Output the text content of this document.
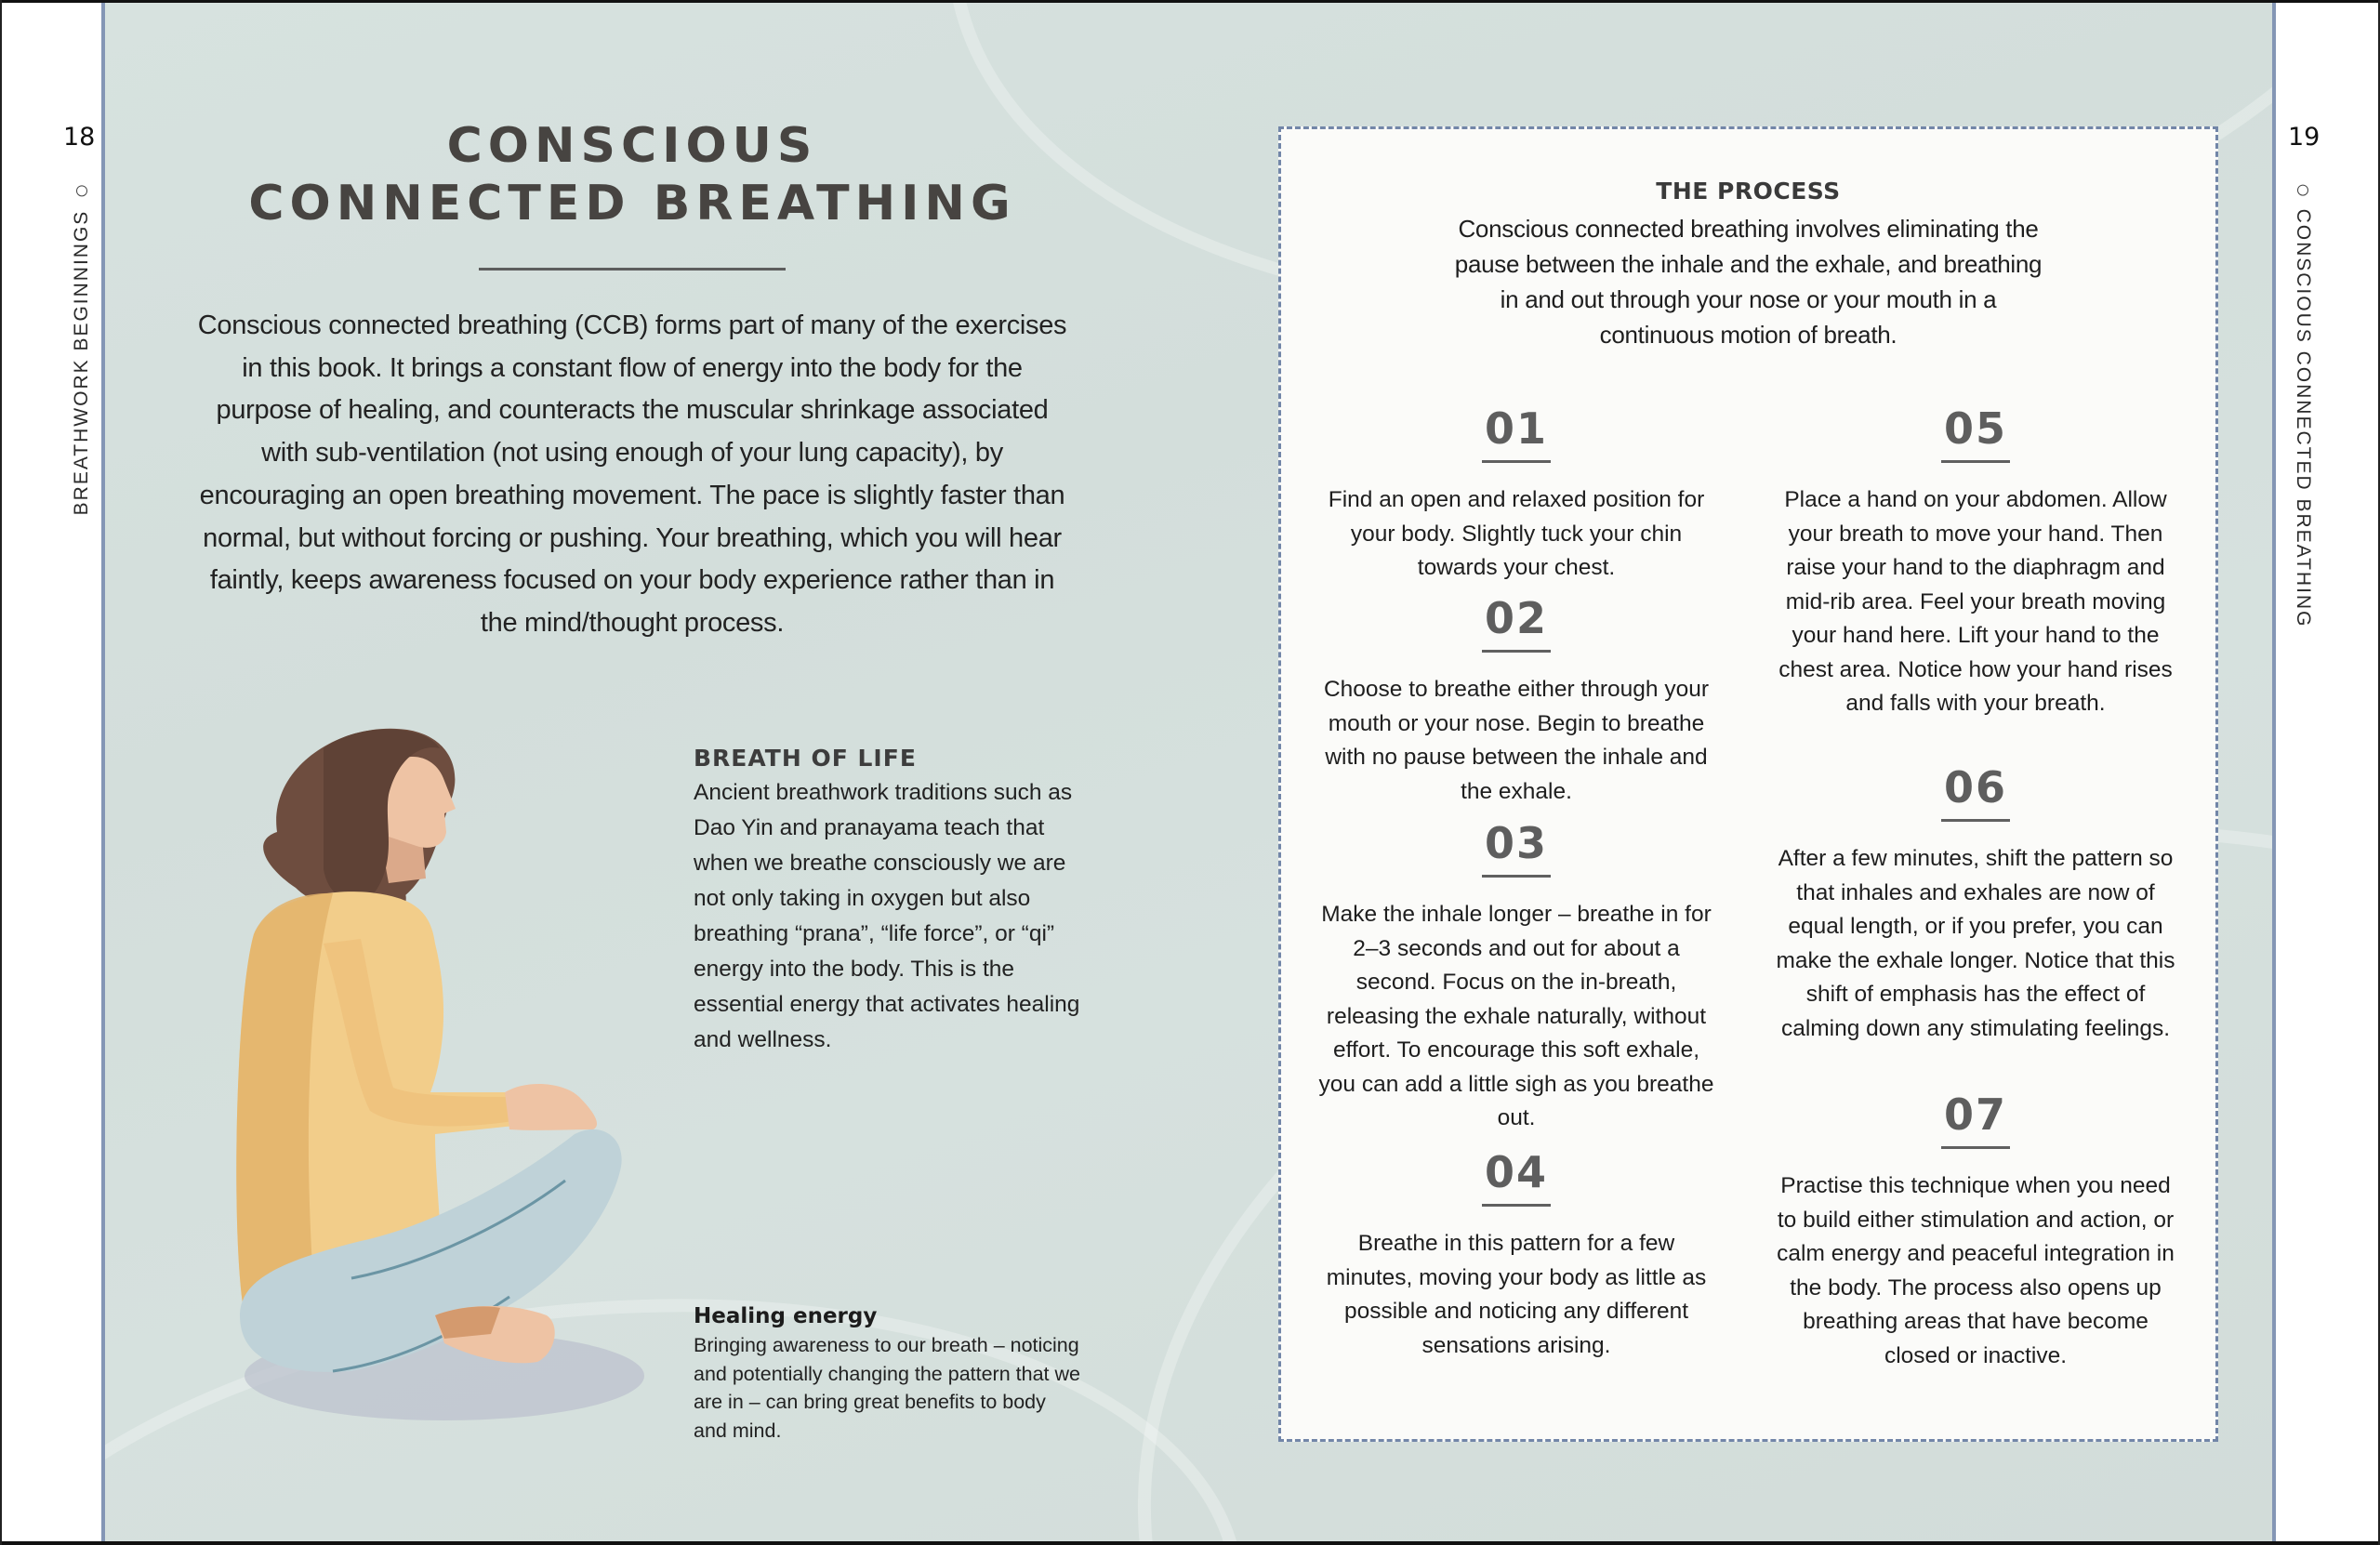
18
BREATHWORK BEGINNINGS
19
CONSCIOUS CONNECTED BREATHING
CONSCIOUS
CONNECTED BREATHING

Conscious connected breathing (CCB) forms part of many of the exercises in this book. It brings a constant flow of energy into the body for the purpose of healing, and counteracts the muscular shrinkage associated with sub-ventilation (not using enough of your lung capacity), by encouraging an open breathing movement. The pace is slightly faster than normal, but without forcing or pushing. Your breathing, which you will hear faintly, keeps awareness focused on your body experience rather than in the mind/thought process.

BREATH OF LIFE

Ancient breathwork traditions such as Dao Yin and pranayama teach that when we breathe consciously we are not only taking in oxygen but also breathing “prana”, “life force”, or “qi” energy into the body. This is the essential energy that activates healing and wellness.

Healing energy

Bringing awareness to our breath – noticing and potentially changing the pattern that we are in – can bring great benefits to body and mind.

THE PROCESS

Conscious connected breathing involves eliminating the pause between the inhale and the exhale, and breathing in and out through your nose or your mouth in a continuous motion of breath.

01

Find an open and relaxed position for your body. Slightly tuck your chin towards your chest.

02

Choose to breathe either through your mouth or your nose. Begin to breathe with no pause between the inhale and the exhale.

03

Make the inhale longer – breathe in for 2–3 seconds and out for about a second. Focus on the in-breath, releasing the exhale naturally, without effort. To encourage this soft exhale, you can add a little sigh as you breathe out.

04

Breathe in this pattern for a few minutes, moving your body as little as possible and noticing any different sensations arising.

05

Place a hand on your abdomen. Allow your breath to move your hand. Then raise your hand to the diaphragm and mid-rib area. Feel your breath moving your hand here. Lift your hand to the chest area. Notice how your hand rises and falls with your breath.

06

After a few minutes, shift the pattern so that inhales and exhales are now of equal length, or if you prefer, you can make the exhale longer. Notice that this shift of emphasis has the effect of calming down any stimulating feelings.

07

Practise this technique when you need to build either stimulation and action, or calm energy and peaceful integration in the body. The process also opens up breathing areas that have become closed or inactive.
